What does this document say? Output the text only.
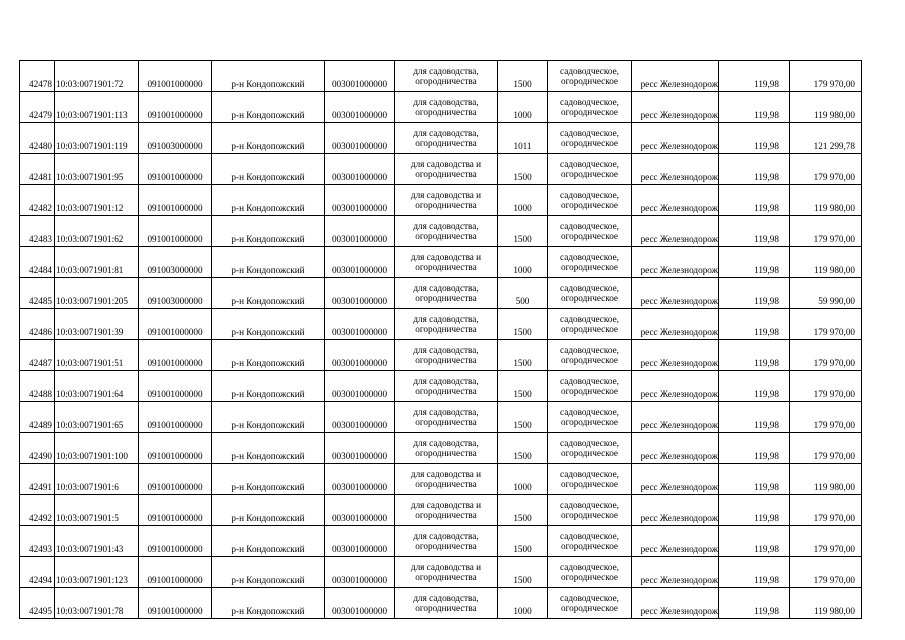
42478	10:03:0071901:72	091001000000	р-н Кондопожский	003001000000	для садоводства,
огородничества	1500	садоводческое,
огороднческое	ресс Железнодорож	119,98	179 970,00
42479	10:03:0071901:113	091001000000	р-н Кондопожский	003001000000	для садоводства,
огородничества	1000	садоводческое,
огороднческое	ресс Железнодорож	119,98	119 980,00
42480	10:03:0071901:119	091003000000	р-н Кондопожский	003001000000	для садоводства,
огородничества	1011	садоводческое,
огороднческое	ресс Железнодорож	119,98	121 299,78
42481	10:03:0071901:95	091001000000	р-н Кондопожский	003001000000	для садоводства и
огородничества	1500	садоводческое,
огороднческое	ресс Железнодорож	119,98	179 970,00
42482	10:03:0071901:12	091001000000	р-н Кондопожский	003001000000	для садоводства и
огородничества	1000	садоводческое,
огороднческое	ресс Железнодорож	119,98	119 980,00
42483	10:03:0071901:62	091001000000	р-н Кондопожский	003001000000	для садоводства,
огородничества	1500	садоводческое,
огороднческое	ресс Железнодорож	119,98	179 970,00
42484	10:03:0071901:81	091003000000	р-н Кондопожский	003001000000	для садоводства и
огородничества	1000	садоводческое,
огороднческое	ресс Железнодорож	119,98	119 980,00
42485	10:03:0071901:205	091003000000	р-н Кондопожский	003001000000	для садоводства,
огородничества	500	садоводческое,
огороднческое	ресс Железнодорож	119,98	59 990,00
42486	10:03:0071901:39	091001000000	р-н Кондопожский	003001000000	для садоводства,
огородничества	1500	садоводческое,
огороднческое	ресс Железнодорож	119,98	179 970,00
42487	10:03:0071901:51	091001000000	р-н Кондопожский	003001000000	для садоводства,
огородничества	1500	садоводческое,
огороднческое	ресс Железнодорож	119,98	179 970,00
42488	10:03:0071901:64	091001000000	р-н Кондопожский	003001000000	для садоводства,
огородничества	1500	садоводческое,
огороднческое	ресс Железнодорож	119,98	179 970,00
42489	10:03:0071901:65	091001000000	р-н Кондопожский	003001000000	для садоводства,
огородничества	1500	садоводческое,
огороднческое	ресс Железнодорож	119,98	179 970,00
42490	10:03:0071901:100	091001000000	р-н Кондопожский	003001000000	для садоводства,
огородничества	1500	садоводческое,
огороднческое	ресс Железнодорож	119,98	179 970,00
42491	10:03:0071901:6	091001000000	р-н Кондопожский	003001000000	для садоводства и
огородничества	1000	садоводческое,
огороднческое	ресс Железнодорож	119,98	119 980,00
42492	10:03:0071901:5	091001000000	р-н Кондопожский	003001000000	для садоводства и
огородничества	1500	садоводческое,
огороднческое	ресс Железнодорож	119,98	179 970,00
42493	10:03:0071901:43	091001000000	р-н Кондопожский	003001000000	для садоводства,
огородничества	1500	садоводческое,
огороднческое	ресс Железнодорож	119,98	179 970,00
42494	10:03:0071901:123	091001000000	р-н Кондопожский	003001000000	для садоводства и
огородничества	1500	садоводческое,
огороднческое	ресс Железнодорож	119,98	179 970,00
42495	10:03:0071901:78	091001000000	р-н Кондопожский	003001000000	для садоводства,
огородничества	1000	садоводческое,
огороднческое	ресс Железнодорож	119,98	119 980,00
